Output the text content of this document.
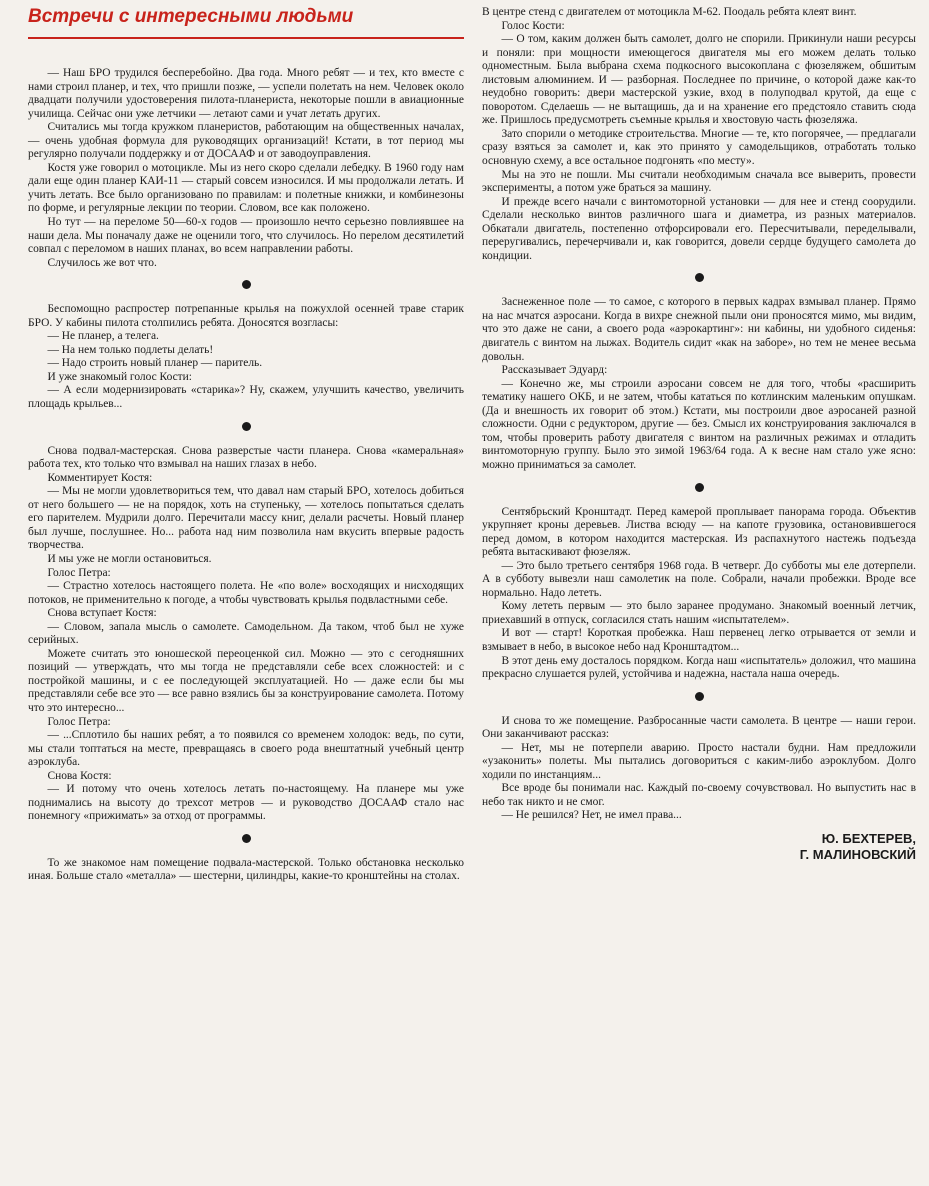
Встречи с интересными людьми

— Наш БРО трудился бесперебойно. Два года. Много ребят — и тех, кто вместе с нами строил планер, и тех, что пришли позже, — успели полетать на нем. Человек около двадцати получили удостоверения пилота-планериста, некоторые пошли в авиационные училища. Сейчас они уже летчики — летают сами и учат летать других.

Считались мы тогда кружком планеристов, работающим на общественных началах, — очень удобная формула для руководящих организаций! Кстати, в тот период мы регулярно получали поддержку и от ДОСААФ и от заводоуправления.

Костя уже говорил о мотоцикле. Мы из него скоро сделали лебедку. В 1960 году нам дали еще один планер КАИ-11 — старый совсем износился. И мы продолжали летать. И учить летать. Все было организовано по правилам: и полетные книжки, и комбинезоны по форме, и регулярные лекции по теории. Словом, все как положено.

Но тут — на переломе 50—60-х годов — произошло нечто серьезно повлиявшее на наши дела. Мы поначалу даже не оценили того, что случилось. Но перелом десятилетий совпал с переломом в наших планах, во всем направлении работы.

Случилось же вот что.

Беспомощно распростер потрепанные крылья на пожухлой осенней траве старик БРО. У кабины пилота столпились ребята. Доносятся возгласы:

— Не планер, а телега.

— На нем только подлеты делать!

— Надо строить новый планер — паритель.

И уже знакомый голос Кости:

— А если модернизировать «старика»? Ну, скажем, улучшить качество, увеличить площадь крыльев...

Снова подвал-мастерская. Снова разверстые части планера. Снова «камеральная» работа тех, кто только что взмывал на наших глазах в небо.

Комментирует Костя:

— Мы не могли удовлетвориться тем, что давал нам старый БРО, хотелось добиться от него большего — не на порядок, хоть на ступеньку, — хотелось попытаться сделать его парителем. Мудрили долго. Перечитали массу книг, делали расчеты. Новый планер был лучше, послушнее. Но... работа над ним позволила нам вкусить впервые радость творчества.

И мы уже не могли остановиться.

Голос Петра:

— Страстно хотелось настоящего полета. Не «по воле» восходящих и нисходящих потоков, не применительно к погоде, а чтобы чувствовать крылья подвластными себе.

Снова вступает Костя:

— Словом, запала мысль о самолете. Самодельном. Да таком, чтоб был не хуже серийных.

Можете считать это юношеской переоценкой сил. Можно — это с сегодняшних позиций — утверждать, что мы тогда не представляли себе всех сложностей: и с постройкой машины, и с ее последующей эксплуатацией. Но — даже если бы мы представляли себе все это — все равно взялись бы за конструирование самолета. Потому что это интересно...

Голос Петра:

— ...Сплотило бы наших ребят, а то появился со временем холодок: ведь, по сути, мы стали топтаться на месте, превращаясь в своего рода внештатный учебный центр аэроклуба.

Снова Костя:

— И потому что очень хотелось летать по-настоящему. На планере мы уже поднимались на высоту до трехсот метров — и руководство ДОСААФ стало нас понемногу «прижимать» за отход от программы.

То же знакомое нам помещение подвала-мастерской. Только обстановка несколько иная. Больше стало «металла» — шестерни, цилиндры, какие-то кронштейны на столах.

В центре стенд с двигателем от мотоцикла М-62. Поодаль ребята клеят винт.

Голос Кости:

— О том, каким должен быть самолет, долго не спорили. Прикинули наши ресурсы и поняли: при мощности имеющегося двигателя мы его можем делать только одноместным. Была выбрана схема подкосного высокоплана с фюзеляжем, обшитым листовым алюминием. И — разборная. Последнее по причине, о которой даже как-то неудобно говорить: двери мастерской узкие, вход в полуподвал крутой, да еще с поворотом. Сделаешь — не вытащишь, да и на хранение его предстояло ставить сюда же. Пришлось предусмотреть съемные крылья и хвостовую часть фюзеляжа.

Зато спорили о методике строительства. Многие — те, кто погорячее, — предлагали сразу взяться за самолет и, как это принято у самодельщиков, отработать только основную схему, а все остальное подгонять «по месту».

Мы на это не пошли. Мы считали необходимым сначала все выверить, провести эксперименты, а потом уже браться за машину.

И прежде всего начали с винтомоторной установки — для нее и стенд соорудили. Сделали несколько винтов различного шага и диаметра, из разных материалов. Обкатали двигатель, постепенно отфорсировали его. Пересчитывали, переделывали, переругивались, перечерчивали и, как говорится, довели сердце будущего самолета до кондиции.

Заснеженное поле — то самое, с которого в первых кадрах взмывал планер. Прямо на нас мчатся аэросани. Когда в вихре снежной пыли они проносятся мимо, мы видим, что это даже не сани, а своего рода «аэрокартинг»: ни кабины, ни удобного сиденья: двигатель с винтом на лыжах. Водитель сидит «как на заборе», но тем не менее весьма довольн.

Рассказывает Эдуард:

— Конечно же, мы строили аэросани совсем не для того, чтобы «расширить тематику нашего ОКБ, и не затем, чтобы кататься по котлинским маленьким опушкам. (Да и внешность их говорит об этом.) Кстати, мы построили двое аэросаней разной сложности. Одни с редуктором, другие — без. Смысл их конструирования заключался в том, чтобы проверить работу двигателя с винтом на различных режимах и отладить винтомоторную группу. Было это зимой 1963/64 года. А к весне нам стало уже ясно: можно приниматься за самолет.

Сентябрьский Кронштадт. Перед камерой проплывает панорама города. Объектив укрупняет кроны деревьев. Листва всюду — на капоте грузовика, остановившегося перед домом, в котором находится мастерская. Из распахнутого настежь подъезда ребята вытаскивают фюзеляж.

— Это было третьего сентября 1968 года. В четверг. До субботы мы еле дотерпели. А в субботу вывезли наш самолетик на поле. Собрали, начали пробежки. Вроде все нормально. Надо лететь.

Кому лететь первым — это было заранее продумано. Знакомый военный летчик, приехавший в отпуск, согласился стать нашим «испытателем».

И вот — старт! Короткая пробежка. Наш первенец легко отрывается от земли и взмывает в небо, в высокое небо над Кронштадтом...

В этот день ему досталось порядком. Когда наш «испытатель» доложил, что машина прекрасно слушается рулей, устойчива и надежна, настала наша очередь.

И снова то же помещение. Разбросанные части самолета. В центре — наши герои. Они заканчивают рассказ:

— Нет, мы не потерпели аварию. Просто настали будни. Нам предложили «узаконить» полеты. Мы пытались договориться с каким-либо аэроклубом. Долго ходили по инстанциям...

Все вроде бы понимали нас. Каждый по-своему сочувствовал. Но выпустить нас в небо так никто и не смог.

— Не решился? Нет, не имел права...

Ю. БЕХТЕРЕВ,
Г. МАЛИНОВСКИЙ
